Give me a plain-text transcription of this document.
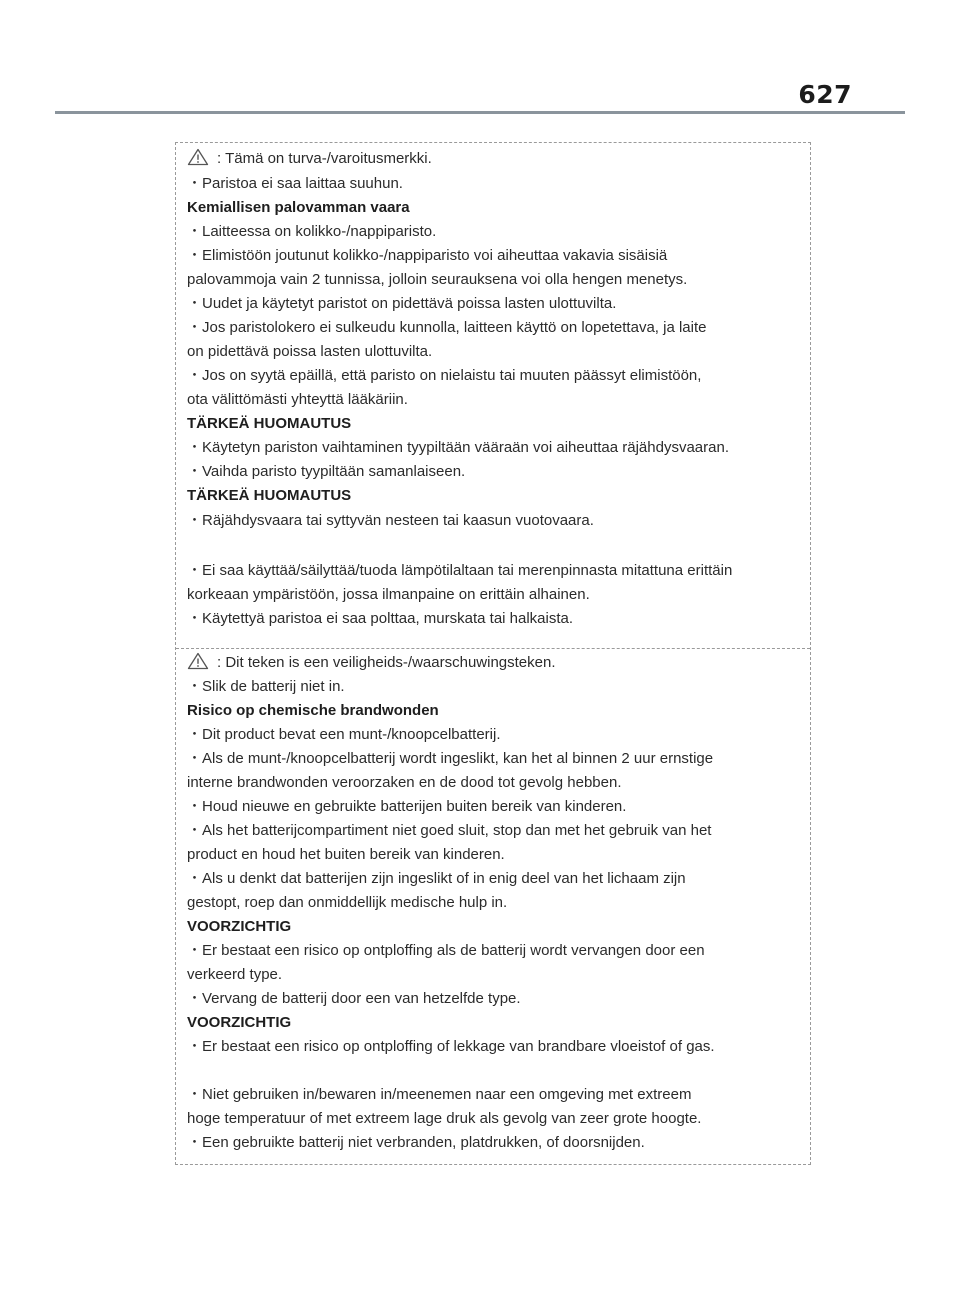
627
: Tämä on turva-/varoitusmerkki.
・Paristoa ei saa laittaa suuhun.
Kemiallisen palovamman vaara
・Laitteessa on kolikko-/nappiparisto.
・Elimistöön joutunut kolikko-/nappiparisto voi aiheuttaa vakavia sisäisiä
palovammoja vain 2 tunnissa, jolloin seurauksena voi olla hengen menetys.
・Uudet ja käytetyt paristot on pidettävä poissa lasten ulottuvilta.
・Jos paristolokero ei sulkeudu kunnolla, laitteen käyttö on lopetettava, ja laite
on pidettävä poissa lasten ulottuvilta.
・Jos on syytä epäillä, että paristo on nielaistu tai muuten päässyt elimistöön,
ota välittömästi yhteyttä lääkäriin.
TÄRKEÄ HUOMAUTUS
・Käytetyn pariston vaihtaminen tyypiltään vääraän voi aiheuttaa räjähdysvaaran.
・Vaihda paristo tyypiltään samanlaiseen.
TÄRKEÄ HUOMAUTUS
・Räjähdysvaara tai syttyvän nesteen tai kaasun vuotovaara.
・Ei saa käyttää/säilyttää/tuoda lämpötilaltaan tai merenpinnasta mitattuna erittäin
korkeaan ympäristöön, jossa ilmanpaine on erittäin alhainen.
・Käytettyä paristoa ei saa polttaa, murskata tai halkaista.
: Dit teken is een veiligheids-/waarschuwingsteken.
・Slik de batterij niet in.
Risico op chemische brandwonden
・Dit product bevat een munt-/knoopcelbatterij.
・Als de munt-/knoopcelbatterij wordt ingeslikt, kan het al binnen 2 uur ernstige
interne brandwonden veroorzaken en de dood tot gevolg hebben.
・Houd nieuwe en gebruikte batterijen buiten bereik van kinderen.
・Als het batterijcompartiment niet goed sluit, stop dan met het gebruik van het
product en houd het buiten bereik van kinderen.
・Als u denkt dat batterijen zijn ingeslikt of in enig deel van het lichaam zijn
gestopt, roep dan onmiddellijk medische hulp in.
VOORZICHTIG
・Er bestaat een risico op ontploffing als de batterij wordt vervangen door een
verkeerd type.
・Vervang de batterij door een van hetzelfde type.
VOORZICHTIG
・Er bestaat een risico op ontploffing of lekkage van brandbare vloeistof of gas.
・Niet gebruiken in/bewaren in/meenemen naar een omgeving met extreem
hoge temperatuur of met extreem lage druk als gevolg van zeer grote hoogte.
・Een gebruikte batterij niet verbranden, platdrukken, of doorsnijden.
